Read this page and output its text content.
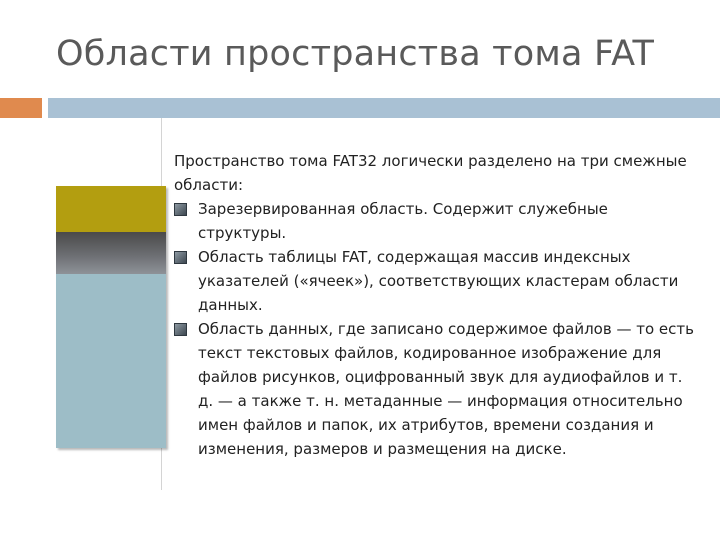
Области пространства тома FAT

Пространство тома FAT32 логически разделено на три смежные области:

Зарезервированная область. Содержит служебные структуры.
Область таблицы FAT, содержащая массив индексных указателей («ячеек»), соответствующих кластерам области данных.
Область данных, где записано содержимое файлов — то есть текст текстовых файлов, кодированное изображение для файлов рисунков, оцифрованный звук для аудиофайлов и т. д. — а также т. н. метаданные — информация относительно имен файлов и папок, их атрибутов, времени создания и изменения, размеров и размещения на диске.
